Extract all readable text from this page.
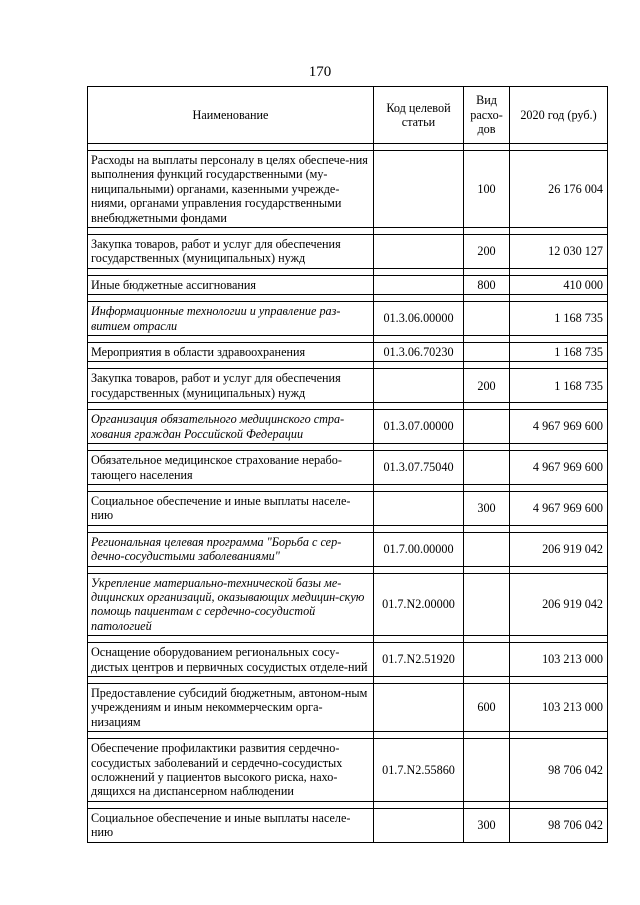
170
Наименование	Код целевой статьи	Вид расхо-дов	2020 год (руб.)

Расходы на выплаты персоналу в целях обеспече-ния выполнения функций государственными (му-ниципальными) органами, казенными учрежде-ниями, органами управления государственными внебюджетными фондами		100	26 176 004

Закупка товаров, работ и услуг для обеспечения государственных (муниципальных) нужд		200	12 030 127

Иные бюджетные ассигнования		800	410 000

Информационные технологии и управление раз-витием отрасли	01.3.06.00000		1 168 735

Мероприятия в области здравоохранения	01.3.06.70230		1 168 735

Закупка товаров, работ и услуг для обеспечения государственных (муниципальных) нужд		200	1 168 735

Организация обязательного медицинского стра-хования граждан Российской Федерации	01.3.07.00000		4 967 969 600

Обязательное медицинское страхование нерабо-тающего населения	01.3.07.75040		4 967 969 600

Социальное обеспечение и иные выплаты населе-нию		300	4 967 969 600

Региональная целевая программа "Борьба с сер-дечно-сосудистыми заболеваниями"	01.7.00.00000		206 919 042

Укрепление материально-технической базы ме-дицинских организаций, оказывающих медицин-скую помощь пациентам с сердечно-сосудистой патологией	01.7.N2.00000		206 919 042

Оснащение оборудованием региональных сосу-дистых центров и первичных сосудистых отделе-ний	01.7.N2.51920		103 213 000

Предоставление субсидий бюджетным, автоном-ным учреждениям и иным некоммерческим орга-низациям		600	103 213 000

Обеспечение профилактики развития сердечно-сосудистых заболеваний и сердечно-сосудистых осложнений у пациентов высокого риска, нахо-дящихся на диспансерном наблюдении	01.7.N2.55860		98 706 042

Социальное обеспечение и иные выплаты населе-нию		300	98 706 042
